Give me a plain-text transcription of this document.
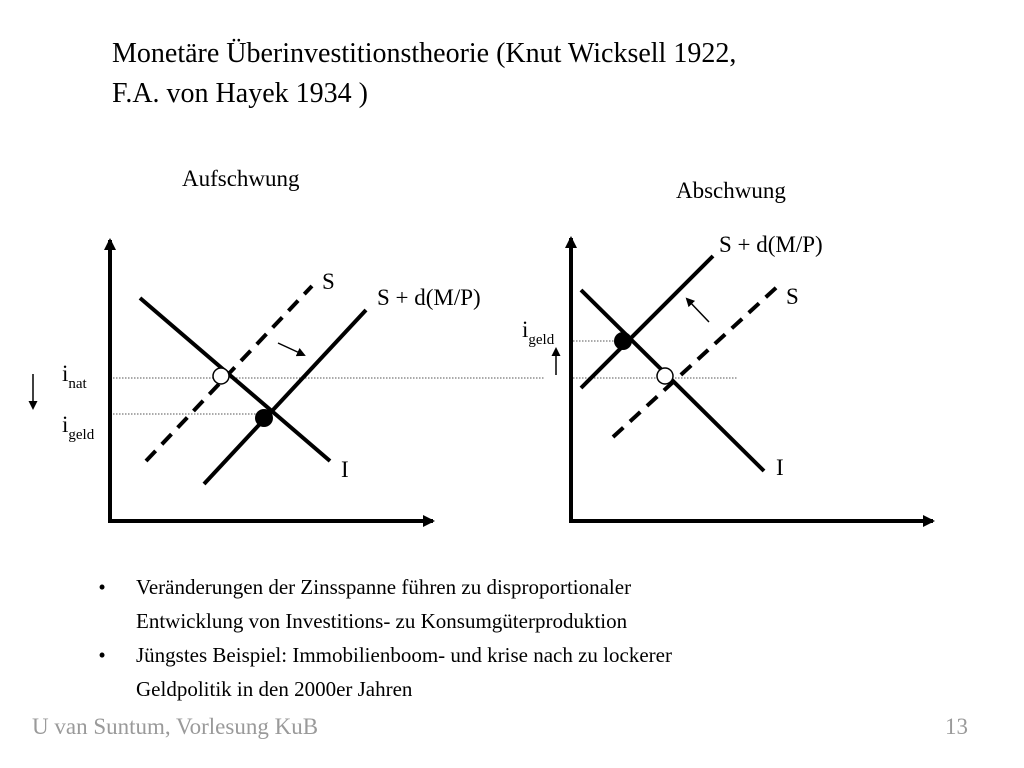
Monetäre Überinvestitionstheorie (Knut Wicksell 1922,
F.A. von Hayek 1934 )
Aufschwung
S
S + d(M/P)
I
$i_{nat}$
$i_{geld}$
Abschwung
S + d(M/P)
S
I
$i_{geld}$
•	Veränderungen der Zinsspanne führen zu disproportionaler
Entwicklung von Investitions- zu Konsumgüterproduktion
•	Jüngstes Beispiel: Immobilienboom- und krise nach zu lockerer
Geldpolitik in den 2000er Jahren
U van Suntum, Vorlesung KuB	13
